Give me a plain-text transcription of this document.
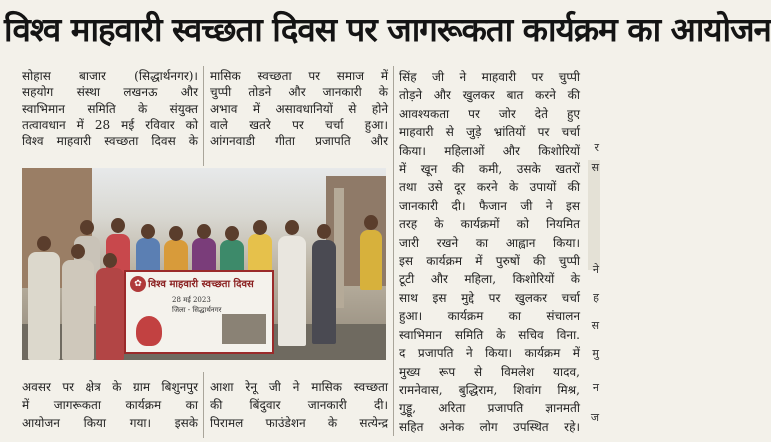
विश्व माहवारी स्वच्छता दिवस पर जागरूकता कार्यक्रम का आयोजन

सोहास बाजार (सिद्धार्थनगर)।

सहयोग संस्था लखनऊ और

स्वाभिमान समिति के संयुक्त

तत्वावधान में 28 मई रविवार को

विश्व माहवारी स्वच्छता दिवस के

मासिक स्वच्छता पर समाज में

चुप्पी तोडने और जानकारी के

अभाव में असावधानियों से होने

वाले खतरे पर चर्चा हुआ।

आंगनवाडी गीता प्रजापति और

सिंह जी ने माहवारी पर चुप्पी

तोड़ने और खुलकर बात करने की

आवश्यकता पर जोर देते हुए

माहवारी से जुड़े भ्रांतियों पर चर्चा

किया। महिलाओं और किशोरियों

में खून की कमी, उसके खतरों

तथा उसे दूर करने के उपायों की

जानकारी दी। फैजान जी ने इस

तरह के कार्यक्रमों को नियमित

जारी रखने का आह्वान किया।

इस कार्यक्रम में पुरुषों की चुप्पी

टूटी और महिला, किशोरियों के

साथ इस मुद्दे पर खुलकर चर्चा

हुआ। कार्यक्रम का संचालन

स्वाभिमान समिति के सचिव विना.

द प्रजापति ने किया। कार्यक्रम में

मुख्य रूप से विमलेश यादव,

रामनेवास, बुद्धिराम, शिवांग मिश्र,

गुड्डू, अरिता प्रजापति ज्ञानमती

सहित अनेक लोग उपस्थित रहे।

✿ विश्व माहवारी स्वच्छता दिवस
28 मई 2023
जिला - सिद्धार्थनगर

अवसर पर क्षेत्र के ग्राम बिशुनपुर

में जागरूकता कार्यक्रम का

आयोजन किया गया। इसके

आशा रेनू जी ने मासिक स्वच्छता

की बिंदुवार जानकारी दी।

पिरामल फाउंडेशन के सत्येन्द्र

र
स
ने
ह
स
मु
न
ज
